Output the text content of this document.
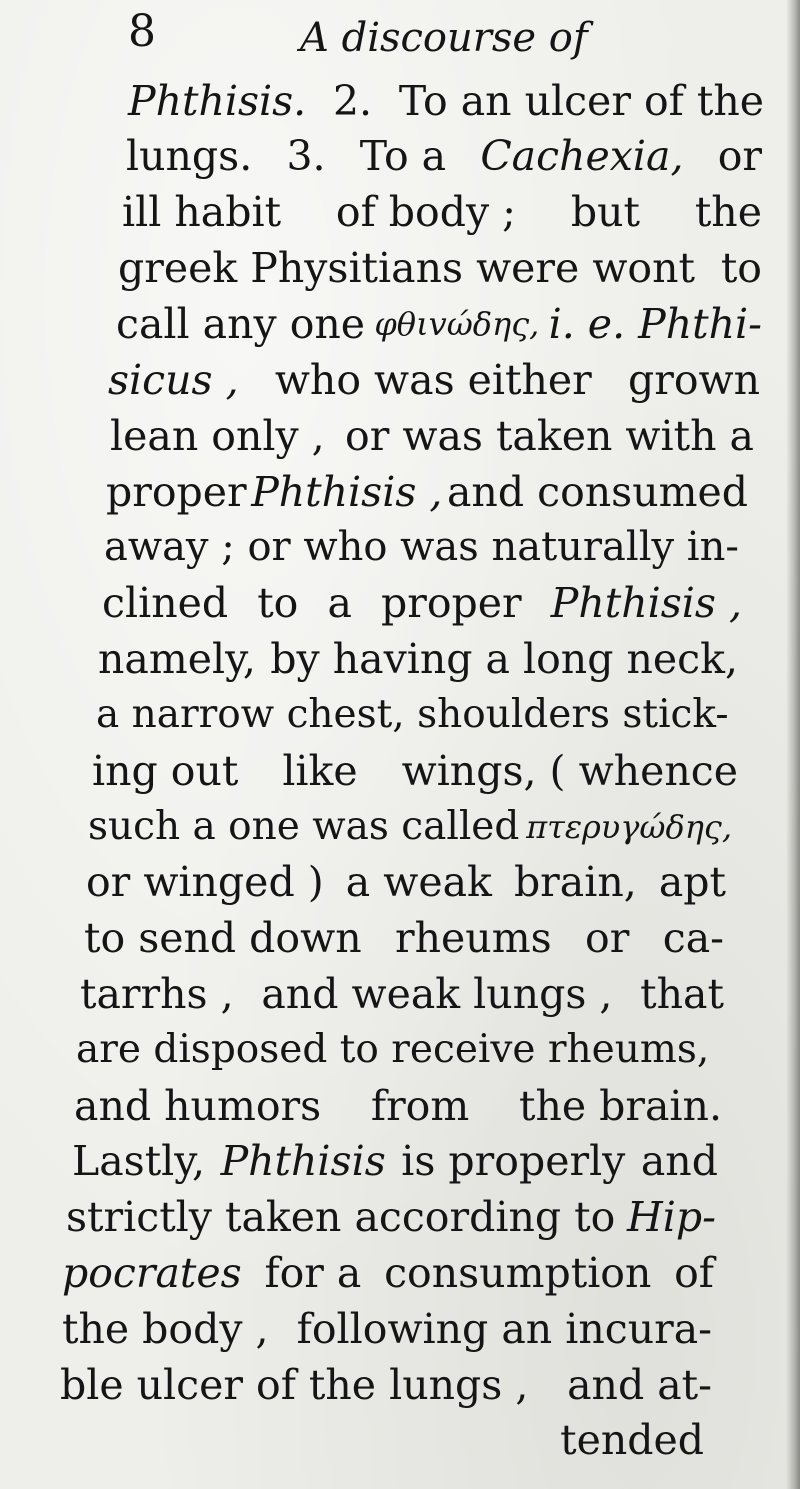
8	A discourse of
Phthisis. 2. To an ulcer of the
lungs. 3. To a Cachexia, or
ill habit of body ; but the
greek Physitians were wont to
call any one φθιvώδης, i. e. Phthi-
sicus , who was either grown
lean only , or was taken with a
proper Phthisis , and consumed
away ; or who was naturally in-
clined to a proper Phthisis ,
namely, by having a long neck,
a narrow chest, shoulders stick-
ing out like wings, ( whence
such a one was called πτερυγώδης,
or winged ) a weak brain, apt
to send down rheums or ca-
tarrhs , and weak lungs , that
are disposed to receive rheums,
and humors from the brain.
Lastly, Phthisis is properly and
strictly taken according to Hip-
pocrates for a consumption of
the body , following an incura-
ble ulcer of the lungs , and at-
tended
